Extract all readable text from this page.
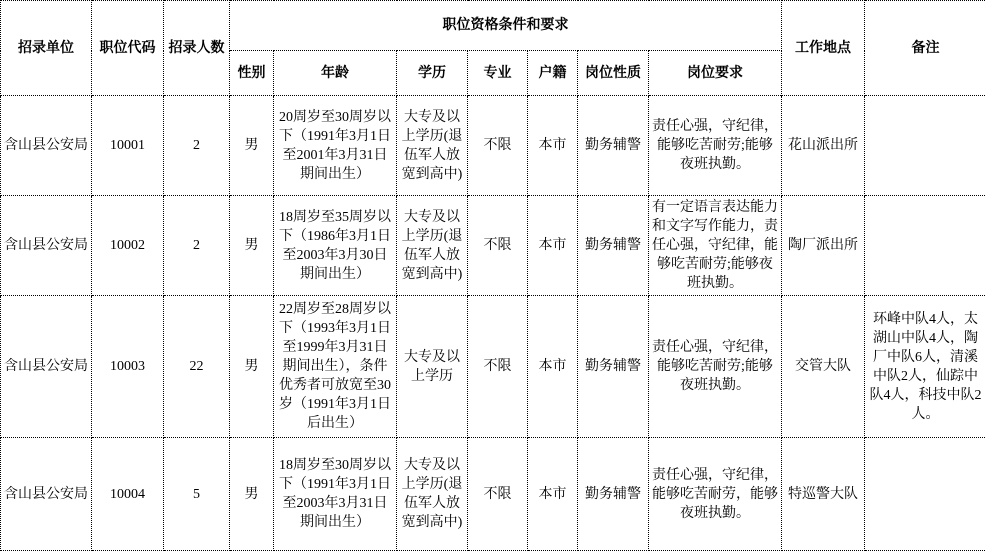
招录单位	职位代码	招录人数	职位资格条件和要求							工作地点	备注
			性别	年龄	学历	专业	户籍	岗位性质	岗位要求		
含山县公安局	10001	2	男	20周岁至30周岁以下（1991年3月1日至2001年3月31日期间出生）	大专及以上学历(退伍军人放宽到高中)	不限	本市	勤务辅警	责任心强，守纪律，能够吃苦耐劳;能够夜班执勤。	花山派出所	
含山县公安局	10002	2	男	18周岁至35周岁以下（1986年3月1日至2003年3月30日期间出生）	大专及以上学历(退伍军人放宽到高中)	不限	本市	勤务辅警	有一定语言表达能力和文字写作能力，责任心强，守纪律，能够吃苦耐劳;能够夜班执勤。	陶厂派出所	
含山县公安局	10003	22	男	22周岁至28周岁以下（1993年3月1日至1999年3月31日期间出生），条件优秀者可放宽至30岁（1991年3月1日后出生）	大专及以上学历	不限	本市	勤务辅警	责任心强，守纪律，能够吃苦耐劳;能够夜班执勤。	交管大队	环峰中队4人，太湖山中队4人，陶厂中队6人，清溪中队2人，仙踪中队4人，科技中队2人。
含山县公安局	10004	5	男	18周岁至30周岁以下（1991年3月1日至2003年3月31日期间出生）	大专及以上学历(退伍军人放宽到高中)	不限	本市	勤务辅警	责任心强，守纪律，能够吃苦耐劳，能够夜班执勤。	特巡警大队	
